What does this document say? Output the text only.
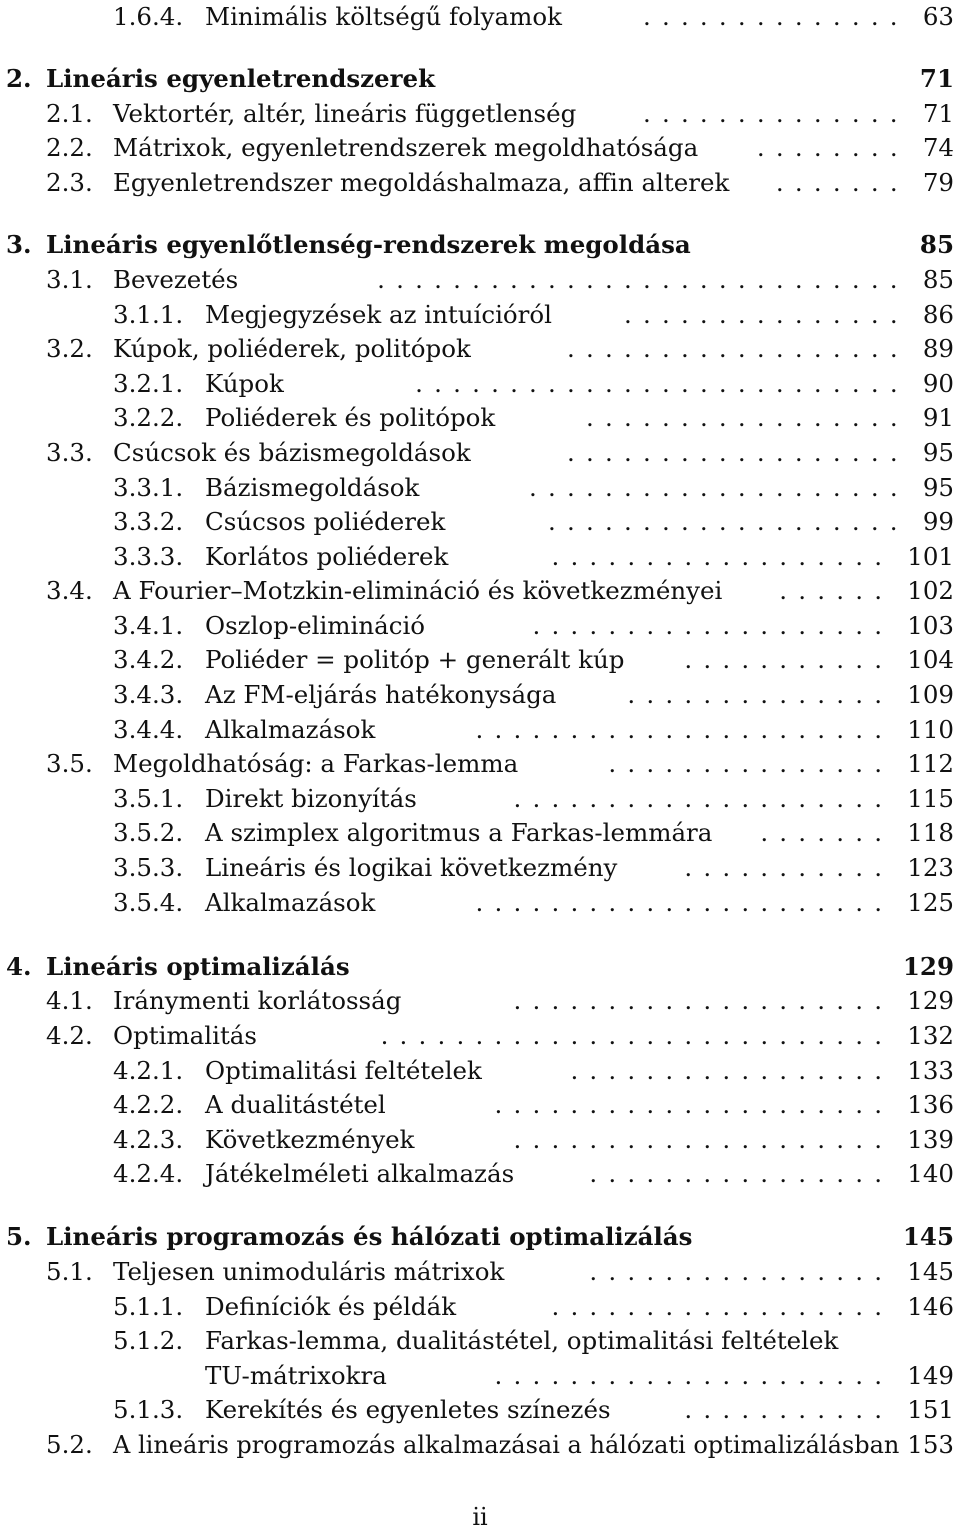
1.6.4. Minimális költségű folyamok	63
..............
2. Lineáris egyenletrendszerek	71
2.1. Vektortér, altér, lineáris függetlenség	71
..............
2.2. Mátrixok, egyenletrendszerek megoldhatósága	74
........
2.3. Egyenletrendszer megoldáshalmaza, affin alterek	79
.......
3. Lineáris egyenlőtlenség-rendszerek megoldása	85
3.1. Bevezetés	85
............................
3.1.1. Megjegyzések az intuícióról	86
...............
3.2. Kúpok, poliéderek, politópok	89
..................
3.2.1. Kúpok	90
..........................
3.2.2. Poliéderek és politópok	91
.................
3.3. Csúcsok és bázismegoldások	95
..................
3.3.1. Bázismegoldások	95
....................
3.3.2. Csúcsos poliéderek	99
...................
3.3.3. Korlátos poliéderek	101
..................
3.4. A Fourier–Motzkin-elimináció és következményei	102
......
3.4.1. Oszlop-elimináció	103
...................
3.4.2. Poliéder = politóp + generált kúp	104
...........
3.4.3. Az FM-eljárás hatékonysága	109
..............
3.4.4. Alkalmazások	110
......................
3.5. Megoldhatóság: a Farkas-lemma	112
...............
3.5.1. Direkt bizonyítás	115
....................
3.5.2. A szimplex algoritmus a Farkas-lemmára	118
.......
3.5.3. Lineáris és logikai következmény	123
...........
3.5.4. Alkalmazások	125
......................
4. Lineáris optimalizálás	129
4.1. Iránymenti korlátosság	129
....................
4.2. Optimalitás	132
...........................
4.2.1. Optimalitási feltételek	133
.................
4.2.2. A dualitástétel	136
.....................
4.2.3. Következmények	139
....................
4.2.4. Játékelméleti alkalmazás	140
................
5. Lineáris programozás és hálózati optimalizálás	145
5.1. Teljesen unimoduláris mátrixok	145
................
5.1.1. Definíciók és példák	146
..................
5.1.2. Farkas-lemma, dualitástétel, optimalitási feltételek
TU-mátrixokra	149
.....................
5.1.3. Kerekítés és egyenletes színezés	151
...........
5.2. A lineáris programozás alkalmazásai a hálózati optimalizálásban 153
ii
